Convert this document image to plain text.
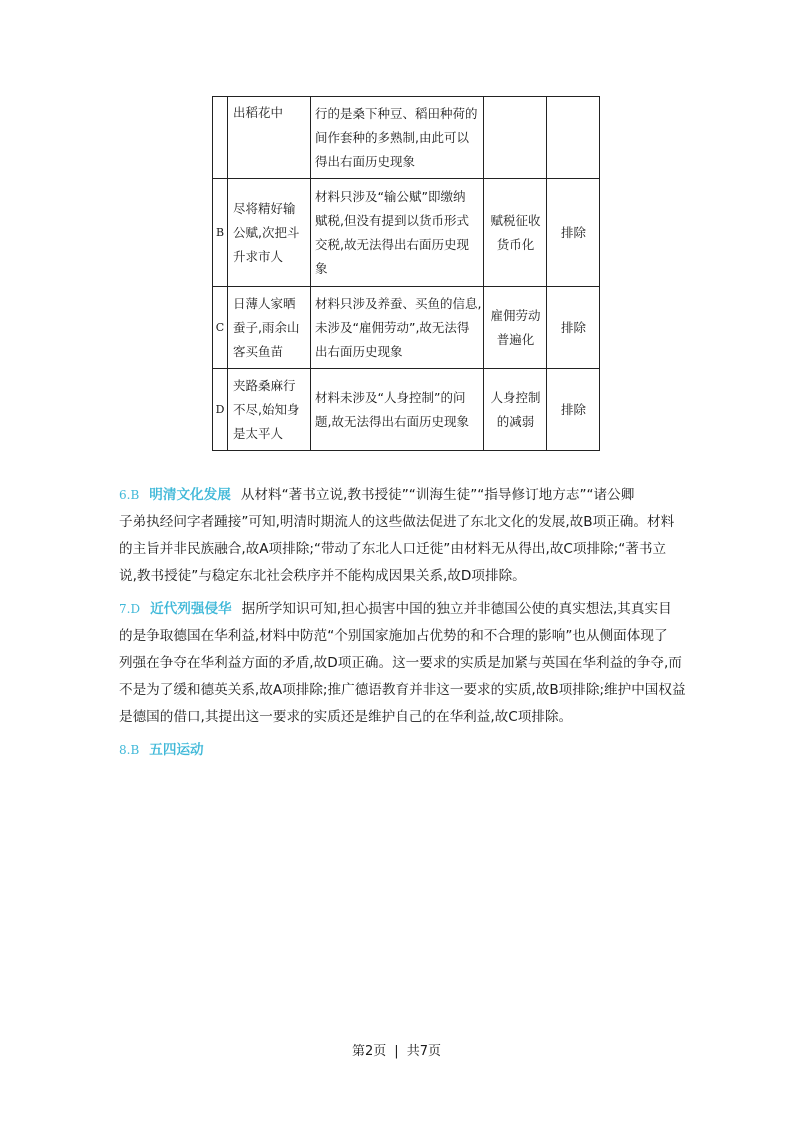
	出稻花中	行的是桑下种豆、稻田种荷的
间作套种的多熟制,由此可以
得出右面历史现象		

B	尽将精好输
公赋,次把斗
升求市人	材料只涉及“输公赋”即缴纳
赋税,但没有提到以货币形式
交税,故无法得出右面历史现
象	赋税征收
货币化	排除
C	日薄人家晒
蚕子,雨余山
客买鱼苗	材料只涉及养蚕、买鱼的信息,
未涉及“雇佣劳动”,故无法得
出右面历史现象	雇佣劳动
普遍化	排除
D	夹路桑麻行
不尽,始知身
是太平人	材料未涉及“人身控制”的问
题,故无法得出右面历史现象	人身控制
的减弱	排除
6.B 明清文化发展 从材料“著书立说,教书授徒”“训海生徒”“指导修订地方志”“诸公卿
子弟执经问字者踵接”可知,明清时期流人的这些做法促进了东北文化的发展,故B项正确。材料
的主旨并非民族融合,故A项排除;“带动了东北人口迁徙”由材料无从得出,故C项排除;“著书立
说,教书授徒”与稳定东北社会秩序并不能构成因果关系,故D项排除。
7.D 近代列强侵华 据所学知识可知,担心损害中国的独立并非德国公使的真实想法,其真实目
的是争取德国在华利益,材料中防范“个别国家施加占优势的和不合理的影响”也从侧面体现了
列强在争夺在华利益方面的矛盾,故D项正确。这一要求的实质是加紧与英国在华利益的争夺,而
不是为了缓和德英关系,故A项排除;推广德语教育并非这一要求的实质,故B项排除;维护中国权益
是德国的借口,其提出这一要求的实质还是维护自己的在华利益,故C项排除。
8.B 五四运动
第2页 | 共7页
